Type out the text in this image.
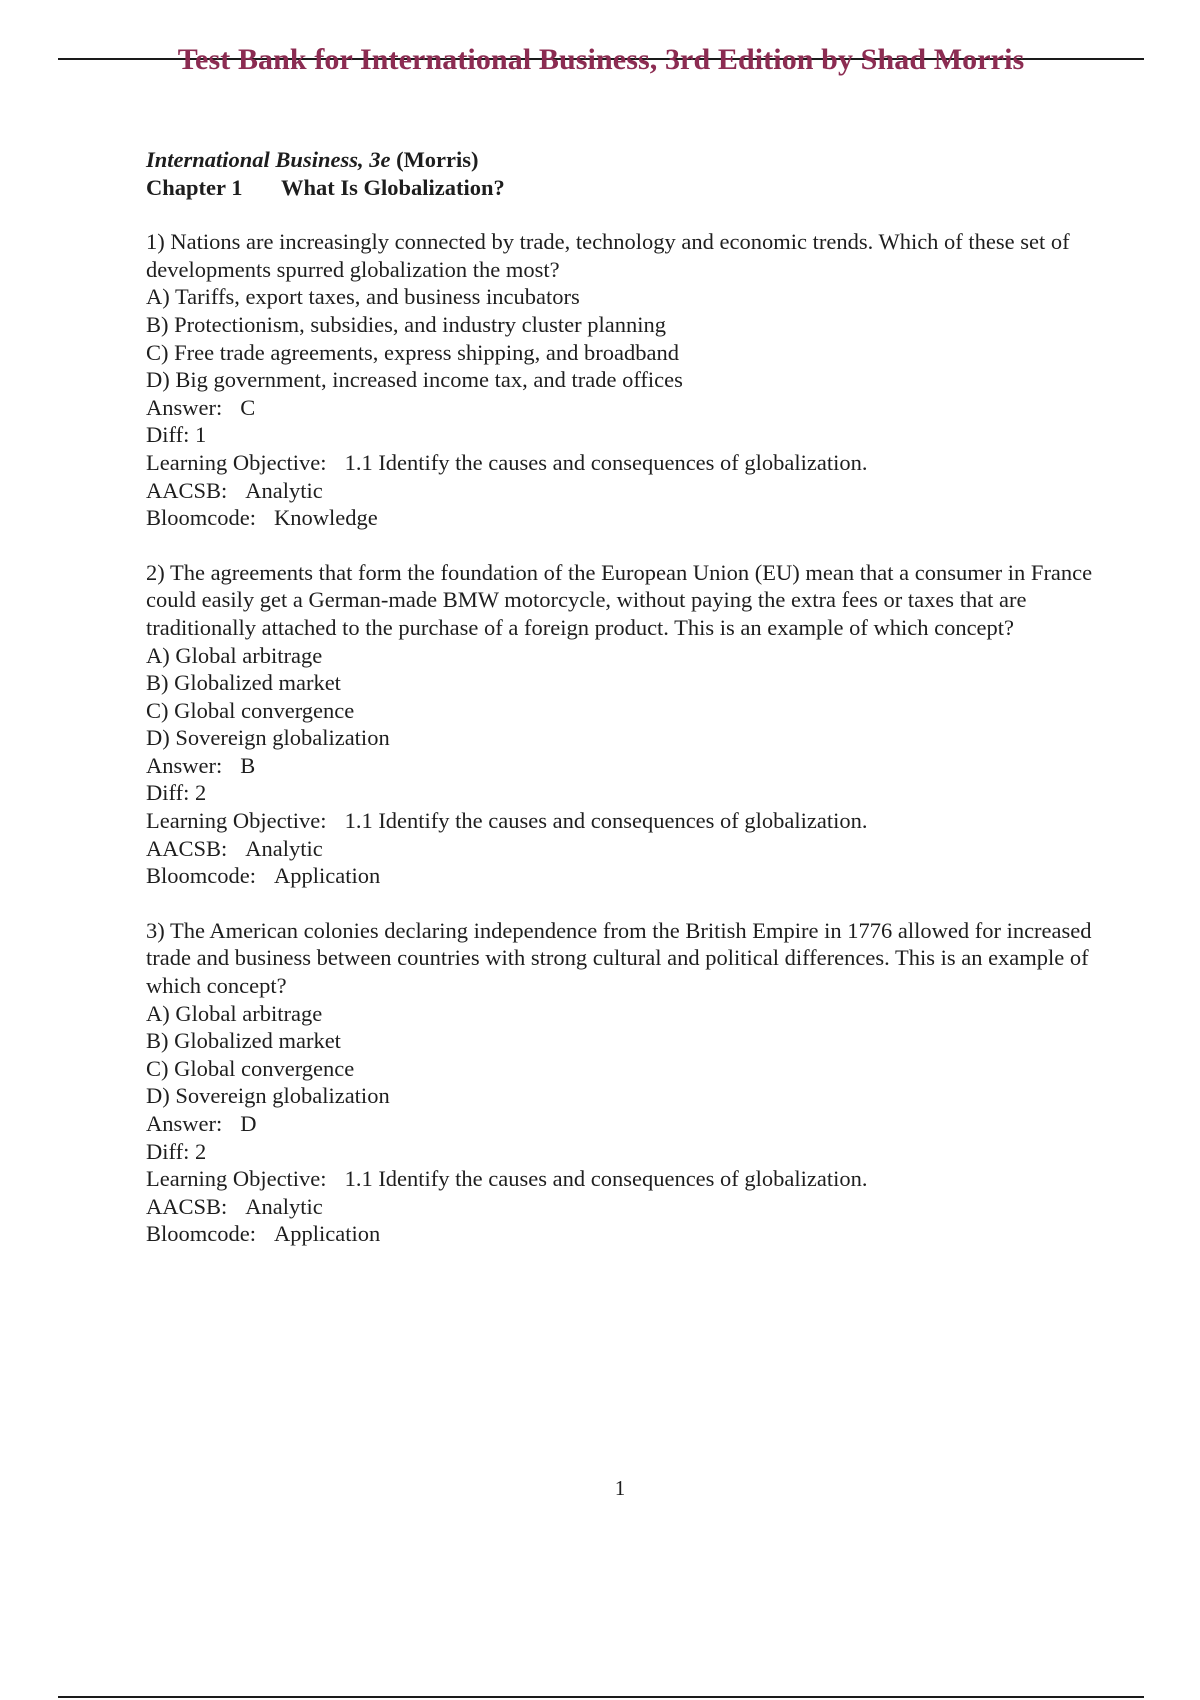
Test Bank for International Business, 3rd Edition by Shad Morris

International Business, 3e (Morris)

Chapter 1 What Is Globalization?

1) Nations are increasingly connected by trade, technology and economic trends. Which of these set of developments spurred globalization the most?

A) Tariffs, export taxes, and business incubators

B) Protectionism, subsidies, and industry cluster planning

C) Free trade agreements, express shipping, and broadband

D) Big government, increased income tax, and trade offices

Answer: C

Diff: 1

Learning Objective: 1.1 Identify the causes and consequences of globalization.

AACSB: Analytic

Bloomcode: Knowledge

2) The agreements that form the foundation of the European Union (EU) mean that a consumer in France could easily get a German-made BMW motorcycle, without paying the extra fees or taxes that are traditionally attached to the purchase of a foreign product. This is an example of which concept?

A) Global arbitrage

B) Globalized market

C) Global convergence

D) Sovereign globalization

Answer: B

Diff: 2

Learning Objective: 1.1 Identify the causes and consequences of globalization.

AACSB: Analytic

Bloomcode: Application

3) The American colonies declaring independence from the British Empire in 1776 allowed for increased trade and business between countries with strong cultural and political differences. This is an example of which concept?

A) Global arbitrage

B) Globalized market

C) Global convergence

D) Sovereign globalization

Answer: D

Diff: 2

Learning Objective: 1.1 Identify the causes and consequences of globalization.

AACSB: Analytic

Bloomcode: Application

1
